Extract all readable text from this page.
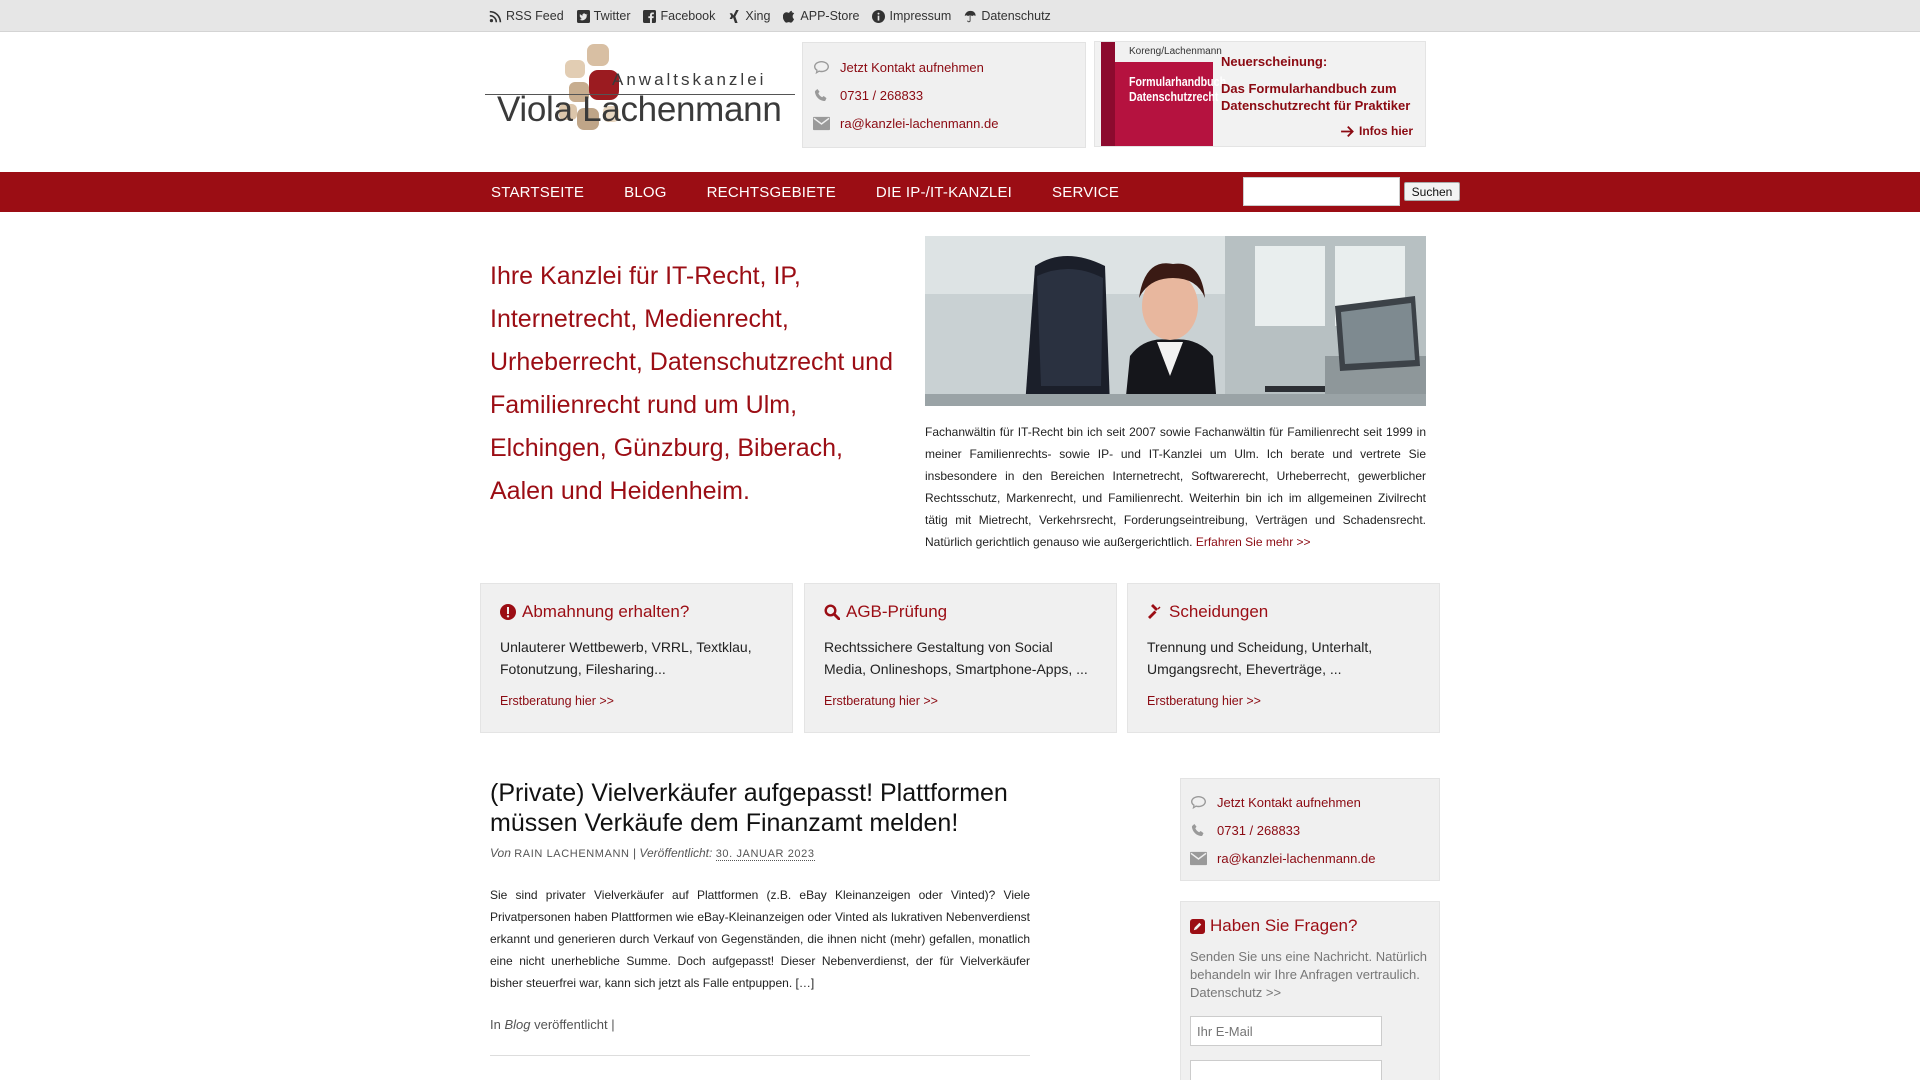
RSS Feed Twitter Facebook Xing APP-Store Impressum Datenschutz
Anwaltskanzlei
Viola Lachenmann
Jetzt Kontakt aufnehmen
0731 / 268833
ra@kanzlei-lachenmann.de
Koreng/Lachenmann
Formularhandbuch
Datenschutzrecht
Neuerscheinung:
Das Formularhandbuch zum Datenschutzrecht für Praktiker
Infos hier
STARTSEITE	BLOG	RECHTSGEBIETE	DIE IP-/IT-KANZLEI	SERVICE	Suchen
Ihre Kanzlei für IT-Recht, IP, Internetrecht, Medienrecht, Urheberrecht, Datenschutzrecht und Familienrecht rund um Ulm, Elchingen, Günzburg, Biberach, Aalen und Heidenheim.
Fachanwältin für IT-Recht bin ich seit 2007 sowie Fachanwältin für Familienrecht seit 1999 in meiner Familienrechts- sowie IP- und IT-Kanzlei um Ulm. Ich berate und vertrete Sie insbesondere in den Bereichen Internetrecht, Softwarerecht, Urheberrecht, gewerblicher Rechtsschutz, Markenrecht, und Familienrecht. Weiterhin bin ich im allgemeinen Zivilrecht tätig mit Mietrecht, Verkehrsrecht, Forderungseintreibung, Verträgen und Schadensrecht. Natürlich gerichtlich genauso wie außergerichtlich. Erfahren Sie mehr >>
Abmahnung erhalten?
Unlauterer Wettbewerb, VRRL, Textklau, Fotonutzung, Filesharing...
Erstberatung hier >>
AGB-Prüfung
Rechtssichere Gestaltung von Social Media, Onlineshops, Smartphone-Apps, ...
Erstberatung hier >>
Scheidungen
Trennung und Scheidung, Unterhalt, Umgangsrecht, Eheverträge, ...
Erstberatung hier >>
(Private) Vielverkäufer aufgepasst! Plattformen müssen Verkäufe dem Finanzamt melden!
Von RAIN LACHENMANN | Veröffentlicht: 30. JANUAR 2023
Sie sind privater Vielverkäufer auf Plattformen (z.B. eBay Kleinanzeigen oder Vinted)? Viele Privatpersonen haben Plattformen wie eBay-Kleinanzeigen oder Vinted als lukrativen Nebenverdienst erkannt und generieren durch Verkauf von Gegenständen, die ihnen nicht (mehr) gefallen, monatlich eine nicht unerhebliche Summe. Doch aufgepasst! Dieser Nebenverdienst, der für Vielverkäufer bisher steuerfrei war, kann sich jetzt als Falle entpuppen. […]
In Blog veröffentlicht |
Jetzt Kontakt aufnehmen
0731 / 268833
ra@kanzlei-lachenmann.de
Haben Sie Fragen?
Senden Sie uns eine Nachricht. Natürlich behandeln wir Ihre Anfragen vertraulich.
Datenschutz >>
Ihr E-Mail
